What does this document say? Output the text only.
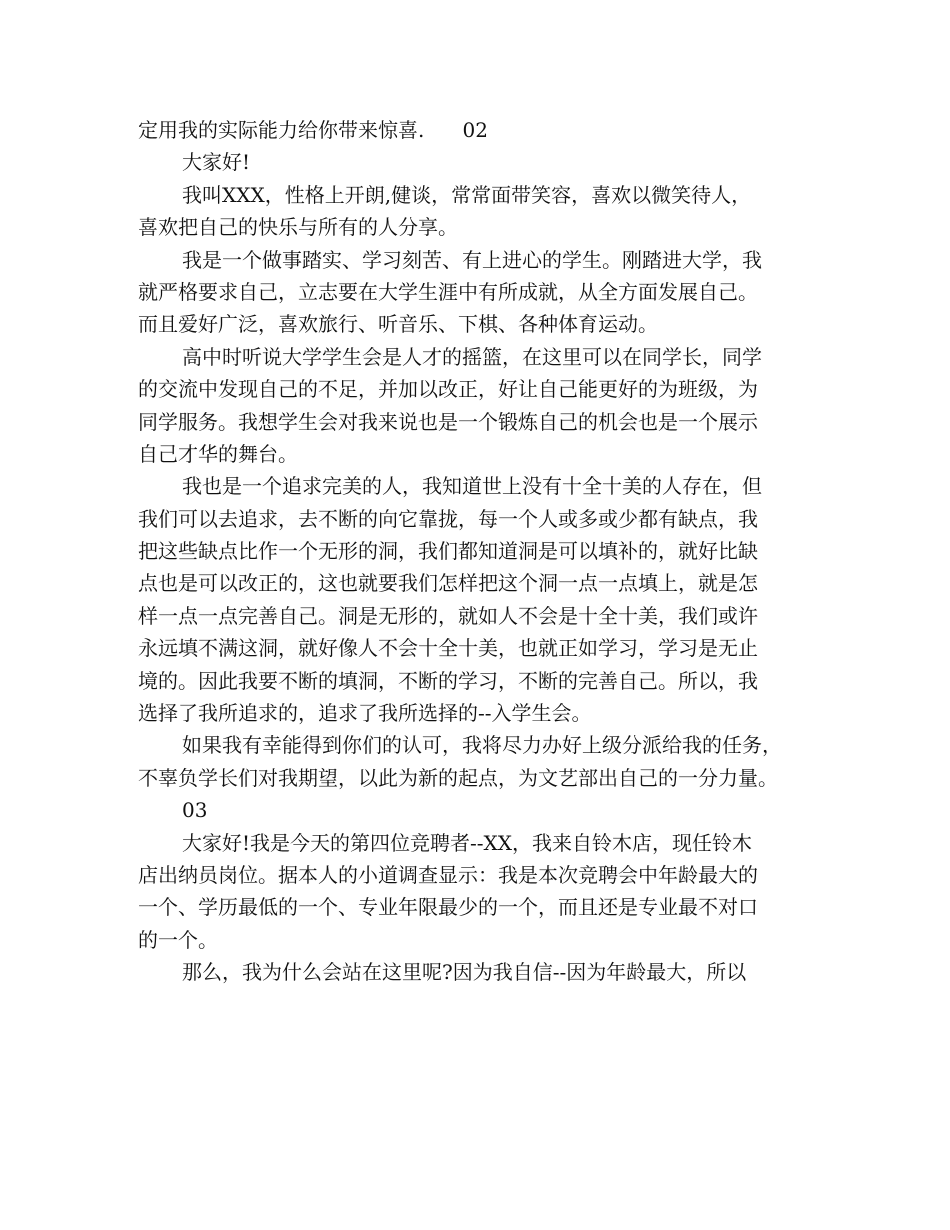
定用我的实际能力给你带来惊喜.      02
大家好!
我叫XXX，性格上开朗,健谈，常常面带笑容，喜欢以微笑待人，
喜欢把自己的快乐与所有的人分享。
我是一个做事踏实、学习刻苦、有上进心的学生。刚踏进大学，我
就严格要求自己，立志要在大学生涯中有所成就，从全方面发展自己。
而且爱好广泛，喜欢旅行、听音乐、下棋、各种体育运动。
高中时听说大学学生会是人才的摇篮，在这里可以在同学长，同学
的交流中发现自己的不足，并加以改正，好让自己能更好的为班级，为
同学服务。我想学生会对我来说也是一个锻炼自己的机会也是一个展示
自己才华的舞台。
我也是一个追求完美的人，我知道世上没有十全十美的人存在，但
我们可以去追求，去不断的向它靠拢，每一个人或多或少都有缺点，我
把这些缺点比作一个无形的洞，我们都知道洞是可以填补的，就好比缺
点也是可以改正的，这也就要我们怎样把这个洞一点一点填上，就是怎
样一点一点完善自己。洞是无形的，就如人不会是十全十美，我们或许
永远填不满这洞，就好像人不会十全十美，也就正如学习，学习是无止
境的。因此我要不断的填洞，不断的学习，不断的完善自己。所以，我
选择了我所追求的，追求了我所选择的--入学生会。
如果我有幸能得到你们的认可，我将尽力办好上级分派给我的任务，
不辜负学长们对我期望，以此为新的起点，为文艺部出自己的一分力量。
03
大家好!我是今天的第四位竞聘者--XX，我来自铃木店，现任铃木
店出纳员岗位。据本人的小道调查显示：我是本次竞聘会中年龄最大的
一个、学历最低的一个、专业年限最少的一个，而且还是专业最不对口
的一个。
那么，我为什么会站在这里呢?因为我自信--因为年龄最大，所以
